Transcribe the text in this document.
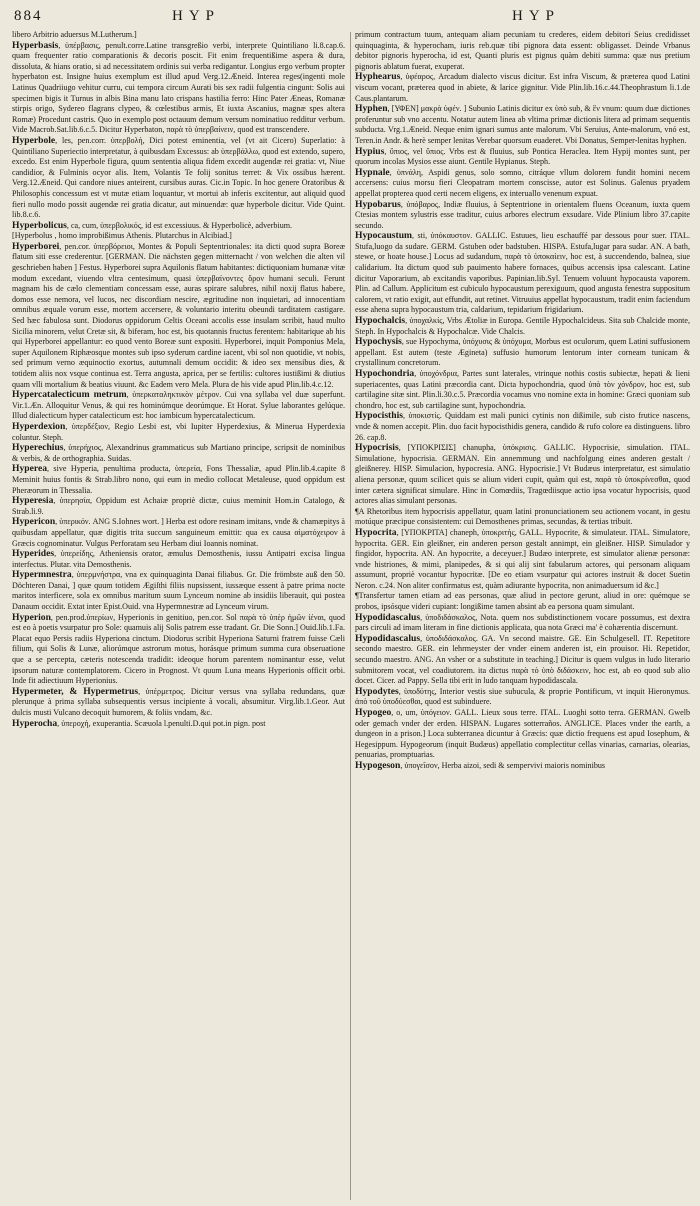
884	HYP	HYP

libero Arbitrio aduersus M.Lutherum.]

Hyperbasis, ὑπέρβασις, penult.corre.Latine transgreßio verbi, interprete Quintiliano li.8.cap.6. quam frequenter ratio comparationis & decoris poscit. Fit enim frequentißime aspera & dura, dissoluta, & hians oratio, si ad necessitatem ordinis sui verba redigantur. Longius ergo verbum propter hyperbaton est. Insigne huius exemplum est illud apud Verg.12.Æneid. Interea reges(ingenti mole Latinus Quadriiugo vehitur curru, cui tempora circum Aurati bis sex radii fulgentia cingunt: Solis aui specimen bigis it Turnus in albis Bina manu lato crispans hastilia ferro: Hinc Pater Æneas, Romanæ stirpis origo, Sydereo flagrans clypeo, & cœlestibus armis, Et iuxta Ascanius, magnæ spes altera Romæ) Procedunt castris. Quo in exemplo post octauum demum versum nominatiuo redditur verbum. Vide Macrob.Sat.lib.6.c.5. Dicitur Hyperbaton, παρὰ τὸ ὑπερβαίνειν, quod est transcendere.

Hyperbole, les, pen.corr. ὑπερβολή, Dici potest eminentia, vel (vt ait Cicero) Superlatio: à Quintiliano Superiectio interpretatur, à quibusdam Excessus: ab ὑπερβάλλω, quod est extendo, supero, excedo. Est enim Hyperbole figura, quum sententia aliqua fidem excedit augendæ rei gratia: vt, Niue candidior, & Fulminis ocyor alis. Item, Volantis Te folij sonitus terret: & Vix ossibus hærent. Verg.12.Æneid. Qui candore niues anteirent, cursibus auras. Cic.in Topic. In hoc genere Oratoribus & Philosophis concessum est vt mutæ etiam loquantur, vt mortui ab inferis excitentur, aut aliquid quod fieri nullo modo possit augendæ rei gratia dicatur, aut minuendæ: quæ hyperbole dicitur. Vide Quint. lib.8.c.6.

Hyperbolicus, ca, cum, ὑπερβολικός, id est excessiuus. & Hyperbolicè, adverbium.

[Hyperbolus , homo improbißimus Athenis. Plutarchus in Alcibiad.]

Hyperborei, pen.cor. ὑπερβόρειοι, Montes & Populi Septentrionales: ita dicti quod supra Boreæ flatum siti esse crederentur. [GERMAN. Die nächsten gegen mitternacht / von welchen die alten vil geschrieben haben ] Festus. Hyperborei supra Aquilonis flatum habitantes: dictiquoniam humanæ vitæ modum excedant, viuendo vltra centesimum, quasi ὑπερβαίνοντες ὅρον humani seculi. Ferunt magnam his de cælo clementiam concessam esse, auras spirare salubres, nihil noxij flatus habere, domos esse nemora, vel lucos, nec discordiam nescire, ægritudine non inquietari, ad innocentiam omnibus æquale vorum esse, mortem accersere, & voluntario interitu obeundi tarditatem castigare. Sed hæc fabulosa sunt. Diodorus oppidorum Celtis Oceani accolis esse insulam scribit, haud multo Sicilia minorem, velut Cretæ sit, & biferam, hoc est, bis quotannis fructus ferentem: habitarique ab his qui Hyperborei appellantur: eo quod vento Boreæ sunt expositi. Hyperborei, inquit Pomponius Mela, super Aquilonem Riphæosque montes sub ipso syderum cardine iacent, vbi sol non quotidie, vt nobis, sed primum verno æquinoctio exortus, autumnali demum occidit: & ideo sex mensibus dies, & totidem aliis nox vsque continua est. Terra angusta, aprica, per se fertilis: cultores iustißimi & diutius quam vlli mortalium & beatius viuunt. &c Eadem vero Mela. Plura de his vide apud Plin.lib.4.c.12.

Hypercatalecticum metrum, ὑπερκαταληκτικὸν μέτρον. Cui vna syllaba vel duæ superfunt. Vir.1.Æn. Alloquitur Venus, & qui res hominúmque deorúmque. Et Horat. Sylue laborantes gelúque. Illud dialecticum hyper catalecticum est: hoc iambicum hypercatalecticum.

Hyperdexion, ὑπερδέξιον, Regio Lesbi est, vbi Iupiter Hyperdexius, & Minerua Hyperdexia coluntur. Steph.

Hyperechius, ὑπερήχιος, Alexandrinus grammaticus sub Martiano principe, scripsit de nominibus & verbis, & de orthographia. Suidas.

Hyperea, sive Hyperia, penultima producta, ὑπερεία, Fons Thessaliæ, apud Plin.lib.4.capite 8 Meminit huius fontis & Strab.libro nono, qui eum in medio collocat Metaleuse, quod oppidum est Pheræorum in Thessalia.

Hyperesia, ὑπερησία, Oppidum est Achaiæ propriè dictæ, cuius meminit Hom.in Catalogo, & Strab.li.9.

Hypericon, ὑπερικόν. ANG S.Iohnes wort. ] Herba est odore resinam imitans, vnde & chamæpitys à quibusdam appellatur, quæ digitis trita succum sanguineum emittit: qua ex causa αἱματόχειρον à Græcis cognominatur. Vulgus Perforatam seu Herbam diui Ioannis nominat.

Hyperides, ὑπερείδης, Atheniensis orator, æmulus Demosthenis, iussu Antipatri excisa lingua interfectus. Plutar. vita Demosthenis.

Hypermnestra, ὑπερμνήστρα, vna ex quinquaginta Danai filiabus. Gr. Die frömbste auß den 50. Döchteren Danai, ] quæ quum totidem Ægiſthi filiis nupsissent, iussæque essent à patre prima nocte maritos interficere, sola ex omnibus maritum suum Lynceum nomine ab insidiis liberauit, qui postea Danaum occidit. Extat inter Epist.Ouid. vna Hypermnestræ ad Lynceum virum.

Hyperion, pen.prod.ὑπερίων, Hyperionis in genitiuo, pen.cor. Sol παρὰ τὸ ὑπὲρ ἡμῶν ἰέναι, quod est eo à poetis vsurpatur pro Sole: quamuis alij Solis patrem esse tradant. Gr. Die Sonn.] Ouid.lib.1.Fa. Placat equo Persis radiis Hyperiona cinctum. Diodorus scribit Hyperiona Saturni fratrem fuisse Cæli filium, qui Solis & Lunæ, aliorúmque astrorum motus, horásque primum summa cura obseruatione que a se percepta, cæteris notescenda tradidit: ideoque horum parentem nominantur esse, velut ipsorum naturæ contemplatorem. Cicero in Prognost. Vt quum Luna means Hyperionis officit orbi. Inde fit adiectiuum Hyperionius.

Hypermeter, & Hypermetrus, ὑπέρμετρος. Dicitur versus vna syllaba redundans, quæ plerunque à prima syllaba subsequentis versus incipiente à vocali, absumitur. Virg.lib.1.Geor. Aut dulcis musti Vulcano decoquit humorem, & foliis vndam, &c.

Hyperocha, ὑπεροχή, exuperantia. Scæuola l.penulti.D.qui pot.in pign. post

primum contractum tuum, antequam aliam pecuniam tu crederes, eidem debitori Seius credidisset quinquaginta, & hyperocham, iuris reb.quæ tibi pignora data essent: obligasset. Deinde Vrbanus debitor pignoris hyperocha, id est, Quanti pluris est pignus quàm debiti summa: quæ nus pretium pignoris ablatum fuerat, exuperat.

Hyphearus, ὑφέαρος, Arcadum dialecto viscus dicitur. Est infra Viscum, & præterea quod Latini viscum vocant, præterea quod in abiete, & larice gignitur. Vide Plin.lib.16.c.44.Theophrastum li.1.de Caus.plantarum.

Hyphen, [ΥΦΕΝ] μακρὰ ὑφέν. ] Subunio Latinis dicitur ex ὑπὸ sub, & ἓν vnum: quum duæ dictiones proferuntur sub vno accentu. Notatur autem linea ab vltima primæ dictionis litera ad primam sequentis subducta. Vrg.1.Æneid. Neque enim ignari sumus ante malorum. Vbi Seruius, Ante-malorum, vnó est, Teren.in Andr. & herè semper lenitas Verebar quorsum euaderet. Vbi Donatus, Semper-lenitas hyphen.

Hypius, ὕπιος, vel ὕπιος. Vrbs est & fluuius, sub Pontica Heraclea. Item Hypij montes sunt, per quorum incolas Mysios esse aiunt. Gentile Hypianus. Steph.

Hypnale, ὑπνάλη, Aspidi genus, solo somno, citráque vllum dolorem fundit homini necem accersens: cuius morsu fieri Cleopatram mortem conscisse, autor est Solinus. Galenus pryadem appellat propterea quod certi necem eligens, ex interuallo venenum expuat.

Hypobarus, ὑπόβαρος, Indiæ fluuius, à Septentrione in orientalem fluens Oceanum, iuxta quem Ctesias montem sylustris esse traditur, cuius arbores electrum exsudare. Vide Plinium libro 37.capite secundo.

Hypocaustum, sti, ὑπόκαυστον. GALLIC. Estuues, lieu eschauffé par dessous pour suer. ITAL. Stufa,luogo da sudare. GERM. Gstuben oder badstuben. HISPA. Estufa,lugar para sudar. AN. A bath, stewe, or hoate house.] Locus ad sudandum, παρὰ τὸ ὑποκαίειν, hoc est, à succendendo, balnea, siue calidarium. Ita dictum quod sub pauimento habere fornaces, quibus accensis ipsa calescant. Latine dicitur Vaporarium, ab excitandis vaporibus. Papinian.lib.Syl. Tenuem voluunt hypocausta vaporem. Plin. ad Callum. Applicitum est cubiculo hypocaustum perexiguum, quod angusta fenestra suppositum calorem, vt ratio exigit, aut effundit, aut retinet. Vitruuius appellat hypocaustum, tradit enim faciendum esse ahena supra hypocaustum tria, caldarium, tepidarium frigidarium.

Hypochalcis, ὑποχαλκίς, Vrbs Ætoliæ in Europa. Gentile Hypochalcideus. Sita sub Chalcide monte, Steph. In Hypochalcis & Hypochalcæ. Vide Chalcis.

Hypochysis, sue Hypochyma, ὑπόχυσις & ὑπόχυμα, Morbus est oculorum, quem Latini suffusionem appellant. Est autem (teste Ægineta) suffusio humorum lentorum inter corneam tunicam & crystallinum concretorum.

Hypochondria, ὑποχόνδρια, Partes sunt laterales, vtrinque nothis costis subiectæ, hepati & lieni superiacentes, quas Latini præcordia cant. Dicta hypochondria, quod ὑπὸ τὸν χόνδρον, hoc est, sub cartilagine sitæ sint. Plin.li.30.c.5. Præcordia vocamus vno nomine exta in homine: Græci quoniam sub chondro, hoc est, sub cartilagine sunt, hypochondria.

Hypocisthis, ὑποκιστίς. Quiddam est mali punici cytinis non dißimile, sub cisto frutice nascens, vnde & nomen accepit. Plin. duo facit hypocisthidis genera, candido & rufo colore ea distinguens. libro 26. cap.8.

Hypocrisis, [ΥΠΟΚΡΙΣΙΣ] chanupha, ὑπόκρισις. GALLIC. Hypocrisie, simulation. ITAL. Simulatione, hypocrisia. GERMAN. Ein annemmung und nachfolgung eines anderen gestalt / gleißnerey. HISP. Simulacion, hypocresia. ANG. Hypocrisie.] Vt Budæus interpretatur, est simulatio aliena personæ, quum scilicet quis se alium videri cupit, quàm qui est, παρὰ τὸ ὑποκρίνεσθαι, quod inter cætera significat simulare. Hinc in Comœdiis, Tragœdiisque actio ipsa vocatur hypocrisis, quod actores alias simulant personas.

¶A Rhetoribus item hypocrisis appellatur, quam latini pronunciationem seu actionem vocant, in gestu motúque præcipue consistentem: cui Demosthenes primas, secundas, & tertias tribuit.

Hypocrita, [ΥΠΟΚΡΙΤΑ] chaneph, ὑποκριτής, GALL. Hypocrite, & simulateur. ITAL. Simulatore, hypocrita. GER. Ein gleißner, ein anderen person gestalt annimpt, ein gleißner. HISP. Simulador y fingidor, hypocrita. AN. An hypocrite, a deceyuer.] Budæo interprete, est simulator alienæ personæ: vnde histriones, & mimi, planipedes, & si qui alij sint fabularum actores, qui personam aliquam assumunt, propriè vocantur hypocritæ. [De eo etiam vsurpatur qui actores instruit & docet Suetin Neron. c.24. Non aliter confirmatus est, quàm adiurante hypocrita, non animaduersum id &c.]

¶Transfertur tamen etiam ad eas personas, quæ aliud in pectore gerunt, aliud in ore: quémque se probos, ipsósque videri cupiant: longißime tamen absint ab ea persona quam simulant.

Hypodidascalus, ὑποδιδάσκαλος, Nota. quem nos subdistinctionem vocare possumus, est dextra pars circuli ad imam literam in fine dictionis applicata, qua nota Græci ma' è cohærentia discernunt.

Hypodidascalus, ὑποδιδάσκαλος. GA. Vn second maistre. GE. Ein Schulgesell. IT. Repetitore secondo maestro. GER. ein lehrmeyster der vnder einem anderen ist, ein prouisor. Hi. Repetidor, secundo maestro. ANG. An vsher or a substitute in teaching.] Dicitur is quem vulgus in ludo literario submitorem vocat, vel coadiutorem. ita dictus παρὰ τὸ ὑπὸ διδάσκειν, hoc est, ab eo quod sub alio docet. Cicer. ad Pappy. Sella tibi erit in ludo tanquam hypodidascala.

Hypodytes, ὑποδύτης, Interior vestis siue subucula, & proprie Pontificum, vt inquit Hieronymus. ἀπὸ τοῦ ὑποδύεσθαι, quod est subinduere.

Hypogeo, o, um, ὑπόγειον. GALL. Lieux sous terre. ITAL. Luoghi sotto terra. GERMAN. Gwelb oder gemach vnder der erden. HISPAN. Lugares sotterraños. ANGLICE. Places vnder the earth, a dungeon in a prison.] Loca subterranea dicuntur à Græcis: quæ dictio frequens est apud Iosephum, & Hegesippum. Hypogeorum (inquit Budæus) appellatio complectitur cellas vinarias, carnarias, olearias, penuarias, promptuarias.

Hypogeson, ὑπογεῖσον, Herba aizoi, sedi & sempervivi maioris nominibus
